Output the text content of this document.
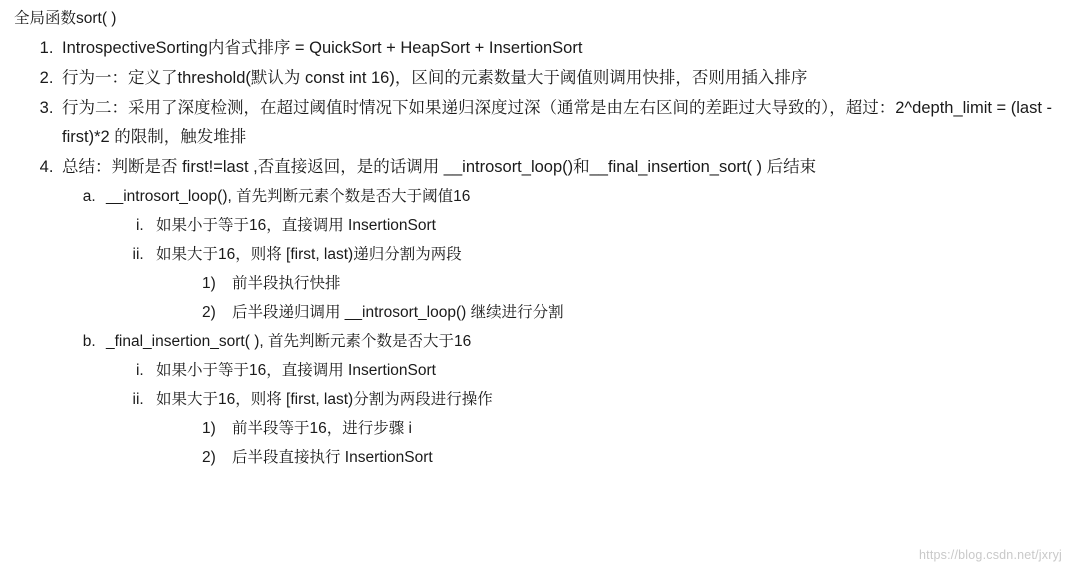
全局函数sort( )
1. IntrospectiveSorting内省式排序 = QuickSort + HeapSort + InsertionSort
2. 行为一：定义了threshold(默认为 const int 16)，区间的元素数量大于阈值则调用快排，否则用插入排序
3. 行为二：采用了深度检测，在超过阈值时情况下如果递归深度过深（通常是由左右区间的差距过大导致的），超过：2^depth_limit = (last - first)*2 的限制，触发堆排
4. 总结：判断是否 first!=last ,否直接返回，是的话调用 __introsort_loop()和__final_insertion_sort( ) 后结束
a. __introsort_loop(), 首先判断元素个数是否大于阈值16
i. 如果小于等于16，直接调用 InsertionSort
ii. 如果大于16，则将 [first, last)递归分割为两段
1)	前半段执行快排
2)	后半段递归调用 __introsort_loop() 继续进行分割
b. _final_insertion_sort( ), 首先判断元素个数是否大于16
i. 如果小于等于16，直接调用 InsertionSort
ii. 如果大于16，则将 [first, last)分割为两段进行操作
1)	前半段等于16，进行步骤 i
2)	后半段直接执行 InsertionSort
https://blog.csdn.net/jxryj
